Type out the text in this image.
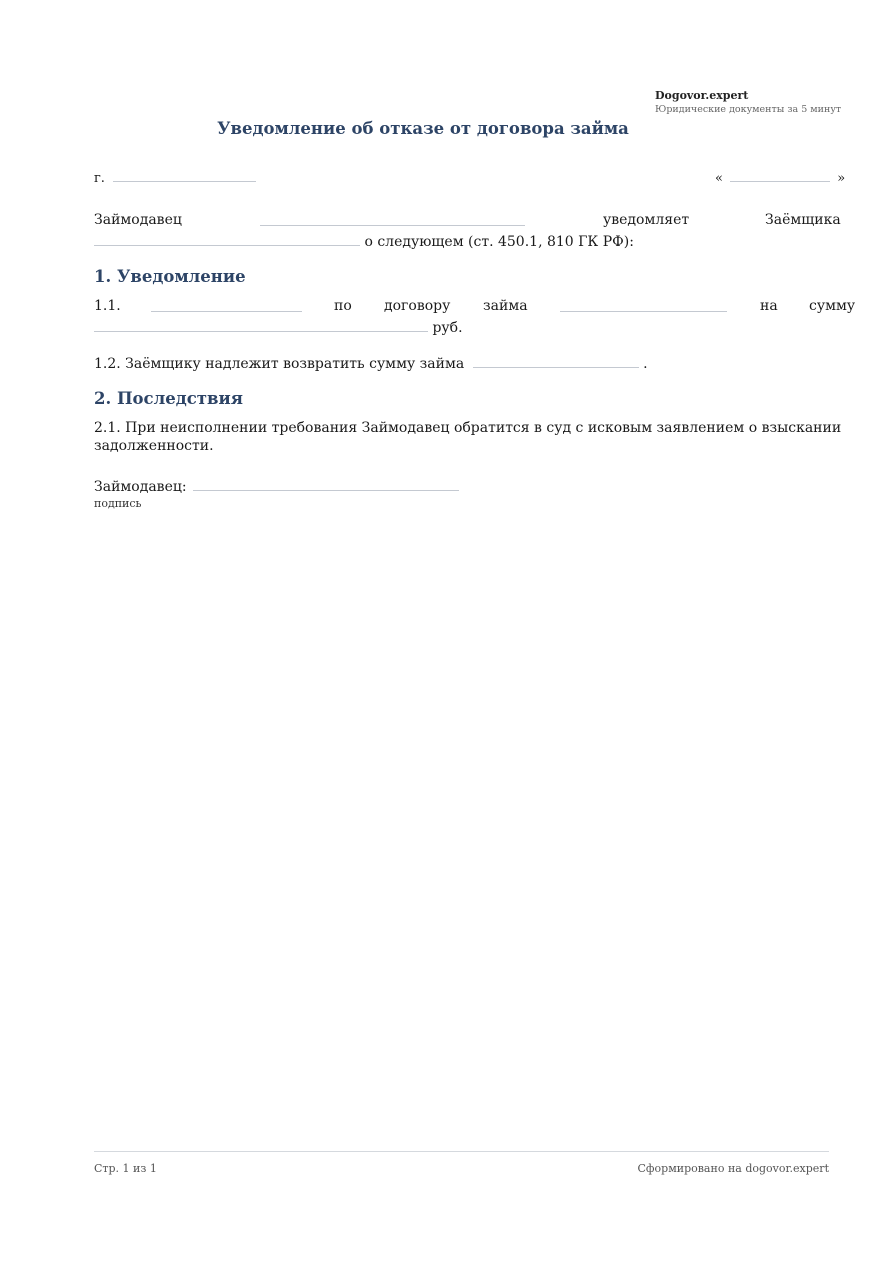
Dogovor.expert
Юридические документы за 5 минут
Уведомление об отказе от договора займа
г.	«	»
Займодавец	уведомляет	Заёмщика
о следующем (ст. 450.1, 810 ГК РФ):
1. Уведомление
1.1.	по договору займа	на сумму
руб.
1.2. Заёмщику надлежит возвратить сумму займа	.
2. Последствия
2.1. При неисполнении требования Займодавец обратится в суд с исковым заявлением о взыскании задолженности.
Займодавец:
подпись
Стр. 1 из 1	Сформировано на dogovor.expert
